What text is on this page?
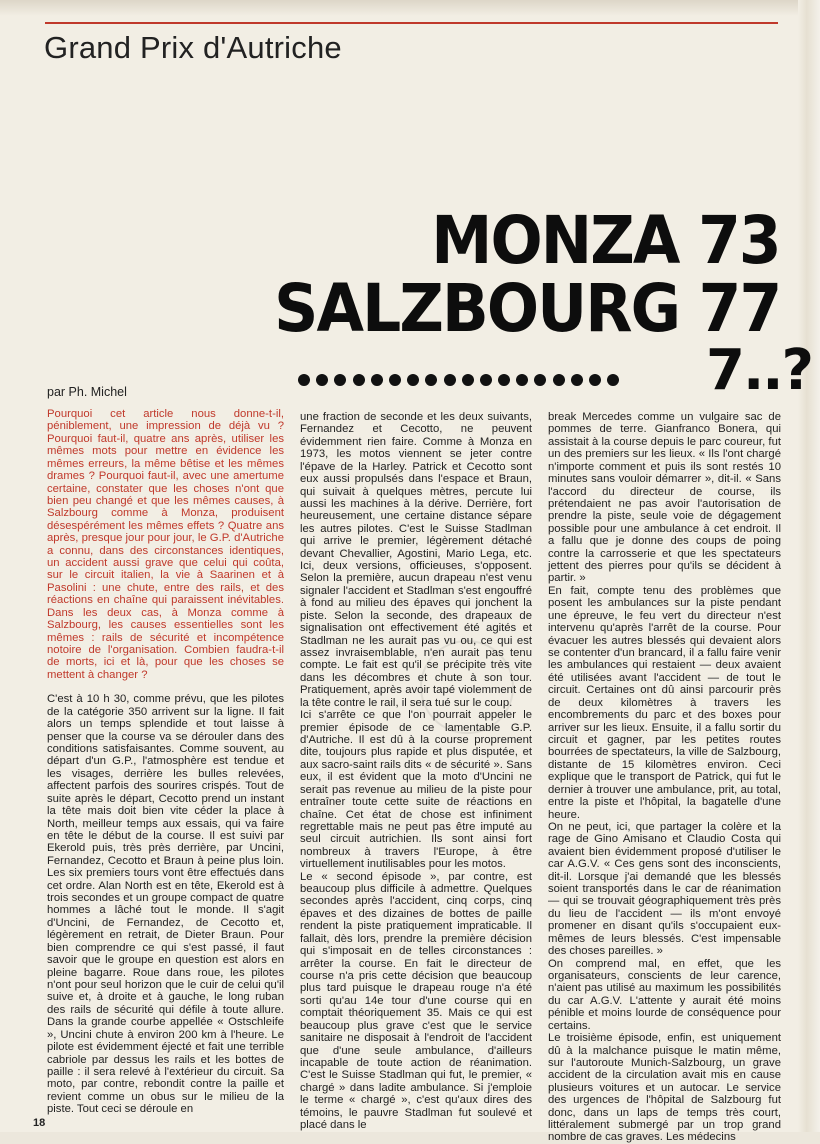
Grand Prix d'Autriche
MONZA 73
SALZBOURG 77
7..?
par Ph. Michel

Pourquoi cet article nous donne-t-il, péniblement, une impression de déjà vu ? Pourquoi faut-il, quatre ans après, utiliser les mêmes mots pour mettre en évidence les mêmes erreurs, la même bêtise et les mêmes drames ? Pourquoi faut-il, avec une amertume certaine, constater que les choses n'ont que bien peu changé et que les mêmes causes, à Salzbourg comme à Monza, produisent désespérément les mêmes effets ? Quatre ans après, presque jour pour jour, le G.P. d'Autriche a connu, dans des circonstances identiques, un accident aussi grave que celui qui coûta, sur le circuit italien, la vie à Saarinen et à Pasolini : une chute, entre des rails, et des réactions en chaîne qui paraissent inévitables. Dans les deux cas, à Monza comme à Salzbourg, les causes essentielles sont les mêmes : rails de sécurité et incompétence notoire de l'organisation. Combien faudra-t-il de morts, ici et là, pour que les choses se mettent à changer ?

C'est à 10 h 30, comme prévu, que les pilotes de la catégorie 350 arrivent sur la ligne. Il fait alors un temps splendide et tout laisse à penser que la course va se dérouler dans des conditions satisfaisantes. Comme souvent, au départ d'un G.P., l'atmosphère est tendue et les visages, derrière les bulles relevées, affectent parfois des sourires crispés. Tout de suite après le départ, Cecotto prend un instant la tête mais doit bien vite céder la place à North, meilleur temps aux essais, qui va faire en tête le début de la course. Il est suivi par Ekerold puis, très près derrière, par Uncini, Fernandez, Cecotto et Braun à peine plus loin. Les six premiers tours vont être effectués dans cet ordre. Alan North est en tête, Ekerold est à trois secondes et un groupe compact de quatre hommes a lâché tout le monde. Il s'agit d'Uncini, de Fernandez, de Cecotto et, légèrement en retrait, de Dieter Braun. Pour bien comprendre ce qui s'est passé, il faut savoir que le groupe en question est alors en pleine bagarre. Roue dans roue, les pilotes n'ont pour seul horizon que le cuir de celui qu'il suive et, à droite et à gauche, le long ruban des rails de sécurité qui défile à toute allure. Dans la grande courbe appellée « Ostschleife », Uncini chute à environ 200 km à l'heure. Le pilote est évidemment éjecté et fait une terrible cabriole par dessus les rails et les bottes de paille : il sera relevé à l'extérieur du circuit. Sa moto, par contre, rebondit contre la paille et revient comme un obus sur le milieu de la piste. Tout ceci se déroule en

une fraction de seconde et les deux suivants, Fernandez et Cecotto, ne peuvent évidemment rien faire. Comme à Monza en 1973, les motos viennent se jeter contre l'épave de la Harley. Patrick et Cecotto sont eux aussi propulsés dans l'espace et Braun, qui suivait à quelques mètres, percute lui aussi les machines à la dérive. Derrière, fort heureusement, une certaine distance sépare les autres pilotes. C'est le Suisse Stadlman qui arrive le premier, légèrement détaché devant Chevallier, Agostini, Mario Lega, etc. Ici, deux versions, officieuses, s'opposent. Selon la première, aucun drapeau n'est venu signaler l'accident et Stadlman s'est engouffré à fond au milieu des épaves qui jonchent la piste. Selon la seconde, des drapeaux de signalisation ont effectivement été agités et Stadlman ne les aurait pas vu ou, ce qui est assez invraisemblable, n'en aurait pas tenu compte. Le fait est qu'il se précipite très vite dans les décombres et chute à son tour. Pratiquement, après avoir tapé violemment de la tête contre le rail, il sera tué sur le coup.

Ici s'arrête ce que l'on pourrait appeler le premier épisode de ce lamentable G.P. d'Autriche. Il est dû à la course proprement dite, toujours plus rapide et plus disputée, et aux sacro-saint rails dits « de sécurité ». Sans eux, il est évident que la moto d'Uncini ne serait pas revenue au milieu de la piste pour entraîner toute cette suite de réactions en chaîne. Cet état de chose est infiniment regrettable mais ne peut pas être imputé au seul circuit autrichien. Ils sont ainsi fort nombreux à travers l'Europe, à être virtuellement inutilisables pour les motos.

Le « second épisode », par contre, est beaucoup plus difficile à admettre. Quelques secondes après l'accident, cinq corps, cinq épaves et des dizaines de bottes de paille rendent la piste pratiquement impraticable. Il fallait, dès lors, prendre la première décision qui s'imposait en de telles circonstances : arrêter la course. En fait le directeur de course n'a pris cette décision que beaucoup plus tard puisque le drapeau rouge n'a été sorti qu'au 14e tour d'une course qui en comptait théoriquement 35. Mais ce qui est beaucoup plus grave c'est que le service sanitaire ne disposait à l'endroit de l'accident que d'une seule ambulance, d'ailleurs incapable de toute action de réanimation. C'est le Suisse Stadlman qui fut, le premier, « chargé » dans ladite ambulance. Si j'emploie le terme « chargé », c'est qu'aux dires des témoins, le pauvre Stadlman fut soulevé et placé dans le

break Mercedes comme un vulgaire sac de pommes de terre. Gianfranco Bonera, qui assistait à la course depuis le parc coureur, fut un des premiers sur les lieux. « Ils l'ont chargé n'importe comment et puis ils sont restés 10 minutes sans vouloir démarrer », dit-il. « Sans l'accord du directeur de course, ils prétendaient ne pas avoir l'autorisation de prendre la piste, seule voie de dégagement possible pour une ambulance à cet endroit. Il a fallu que je donne des coups de poing contre la carrosserie et que les spectateurs jettent des pierres pour qu'ils se décident à partir. »

En fait, compte tenu des problèmes que posent les ambulances sur la piste pendant une épreuve, le feu vert du directeur n'est intervenu qu'après l'arrêt de la course. Pour évacuer les autres blessés qui devaient alors se contenter d'un brancard, il a fallu faire venir les ambulances qui restaient — deux avaient été utilisées avant l'accident — de tout le circuit. Certaines ont dû ainsi parcourir près de deux kilomètres à travers les encombrements du parc et des boxes pour arriver sur les lieux. Ensuite, il a fallu sortir du circuit et gagner, par les petites routes bourrées de spectateurs, la ville de Salzbourg, distante de 15 kilomètres environ. Ceci explique que le transport de Patrick, qui fut le dernier à trouver une ambulance, prit, au total, entre la piste et l'hôpital, la bagatelle d'une heure.

On ne peut, ici, que partager la colère et la rage de Gino Amisano et Claudio Costa qui avaient bien évidemment proposé d'utiliser le car A.G.V. « Ces gens sont des inconscients, dit-il. Lorsque j'ai demandé que les blessés soient transportés dans le car de réanimation — qui se trouvait géographiquement très près du lieu de l'accident — ils m'ont envoyé promener en disant qu'ils s'occupaient eux-mêmes de leurs blessés. C'est impensable des choses pareilles. »

On comprend mal, en effet, que les organisateurs, conscients de leur carence, n'aient pas utilisé au maximum les possibilités du car A.G.V. L'attente y aurait été moins pénible et moins lourde de conséquence pour certains.

Le troisième épisode, enfin, est uniquement dû à la malchance puisque le matin même, sur l'autoroute Munich-Salzbourg, un grave accident de la circulation avait mis en cause plusieurs voitures et un autocar. Le service des urgences de l'hôpital de Salzbourg fut donc, dans un laps de temps très court, littéralement submergé par un trop grand nombre de cas graves. Les médecins

18
